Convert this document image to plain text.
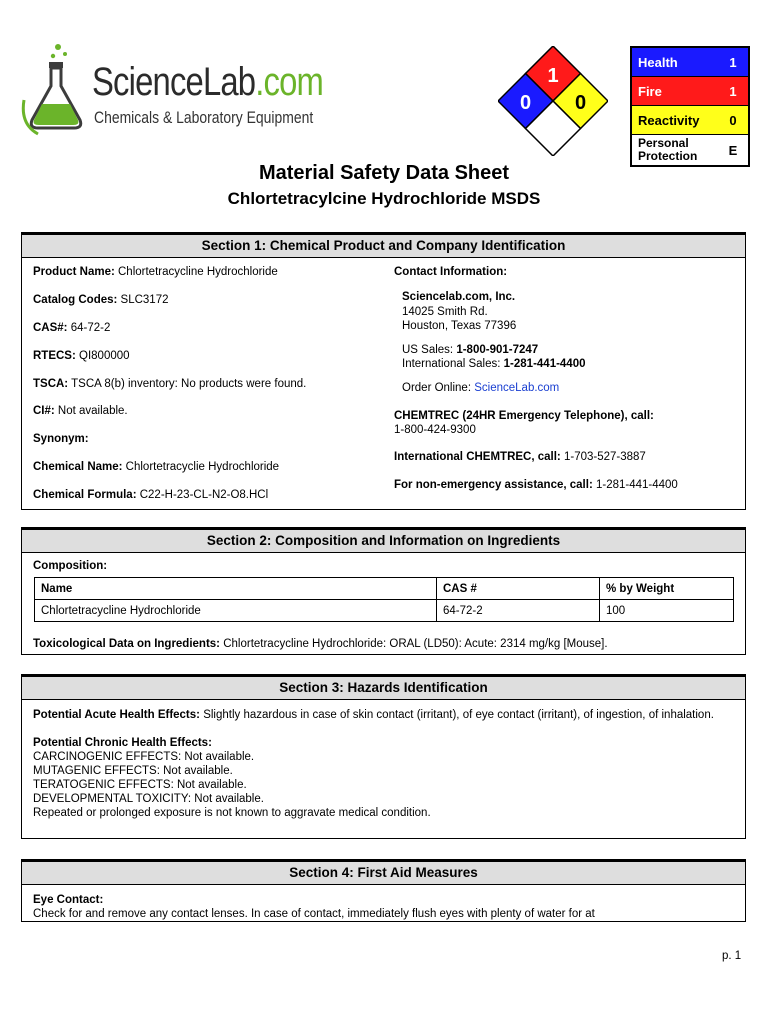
ScienceLab.com
Chemicals & Laboratory Equipment
1
0 0
Health	1
Fire	1
Reactivity	0
Personal
Protection	E
Material Safety Data Sheet
Chlortetracylcine Hydrochloride MSDS
Section 1: Chemical Product and Company Identification
Product Name: Chlortetracycline Hydrochloride
Catalog Codes: SLC3172
CAS#: 64-72-2
RTECS: QI800000
TSCA: TSCA 8(b) inventory: No products were found.
CI#: Not available.
Synonym:
Chemical Name: Chlortetracyclie Hydrochloride
Chemical Formula: C22-H-23-CL-N2-O8.HCl
Contact Information:
Sciencelab.com, Inc.
14025 Smith Rd.
Houston, Texas 77396
US Sales: 1-800-901-7247
International Sales: 1-281-441-4400
Order Online: ScienceLab.com
CHEMTREC (24HR Emergency Telephone), call:
1-800-424-9300
International CHEMTREC, call: 1-703-527-3887
For non-emergency assistance, call: 1-281-441-4400
Section 2: Composition and Information on Ingredients
Composition:
Name	CAS #	% by Weight
Chlortetracycline Hydrochloride	64-72-2	100
Toxicological Data on Ingredients: Chlortetracycline Hydrochloride: ORAL (LD50): Acute: 2314 mg/kg [Mouse].
Section 3: Hazards Identification
Potential Acute Health Effects: Slightly hazardous in case of skin contact (irritant), of eye contact (irritant), of ingestion, of inhalation.
Potential Chronic Health Effects:
CARCINOGENIC EFFECTS: Not available.
MUTAGENIC EFFECTS: Not available.
TERATOGENIC EFFECTS: Not available.
DEVELOPMENTAL TOXICITY: Not available.
Repeated or prolonged exposure is not known to aggravate medical condition.
Section 4: First Aid Measures
Eye Contact:
Check for and remove any contact lenses. In case of contact, immediately flush eyes with plenty of water for at
p. 1
